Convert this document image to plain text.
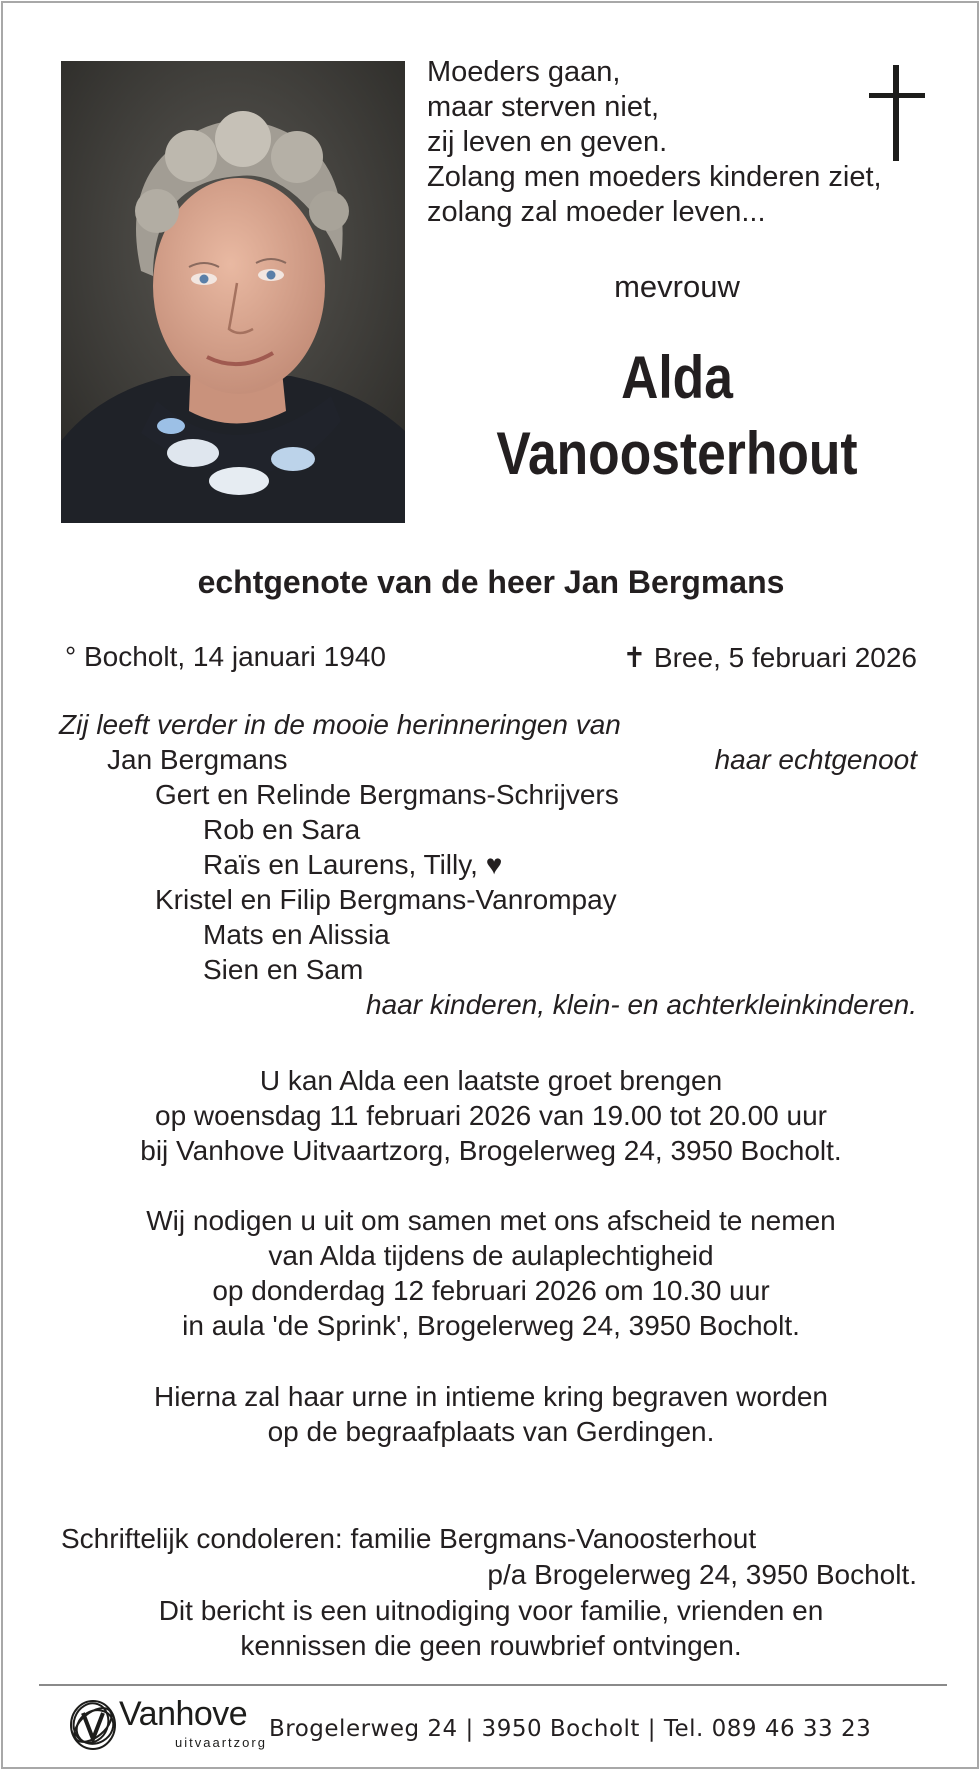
Moeders gaan,
maar sterven niet,
zij leven en geven.
Zolang men moeders kinderen ziet,
zolang zal moeder leven...
mevrouw
Alda
Vanoosterhout
echtgenote van de heer Jan Bergmans
° Bocholt, 14 januari 1940	✝ Bree, 5 februari 2026
Zij leeft verder in de mooie herinneringen van
Jan Bergmans	haar echtgenoot
Gert en Relinde Bergmans-Schrijvers
Rob en Sara
Raïs en Laurens, Tilly, ♥
Kristel en Filip Bergmans-Vanrompay
Mats en Alissia
Sien en Sam
haar kinderen, klein- en achterkleinkinderen.
U kan Alda een laatste groet brengen
op woensdag 11 februari 2026 van 19.00 tot 20.00 uur
bij Vanhove Uitvaartzorg, Brogelerweg 24, 3950 Bocholt.
Wij nodigen u uit om samen met ons afscheid te nemen
van Alda tijdens de aulaplechtigheid
op donderdag 12 februari 2026 om 10.30 uur
in aula 'de Sprink', Brogelerweg 24, 3950 Bocholt.
Hierna zal haar urne in intieme kring begraven worden
op de begraafplaats van Gerdingen.
Schriftelijk condoleren: familie Bergmans-Vanoosterhout
p/a Brogelerweg 24, 3950 Bocholt.
Dit bericht is een uitnodiging voor familie, vrienden en
kennissen die geen rouwbrief ontvingen.
Vanhove
uitvaartzorg
Brogelerweg 24 | 3950 Bocholt | Tel. 089 46 33 23
